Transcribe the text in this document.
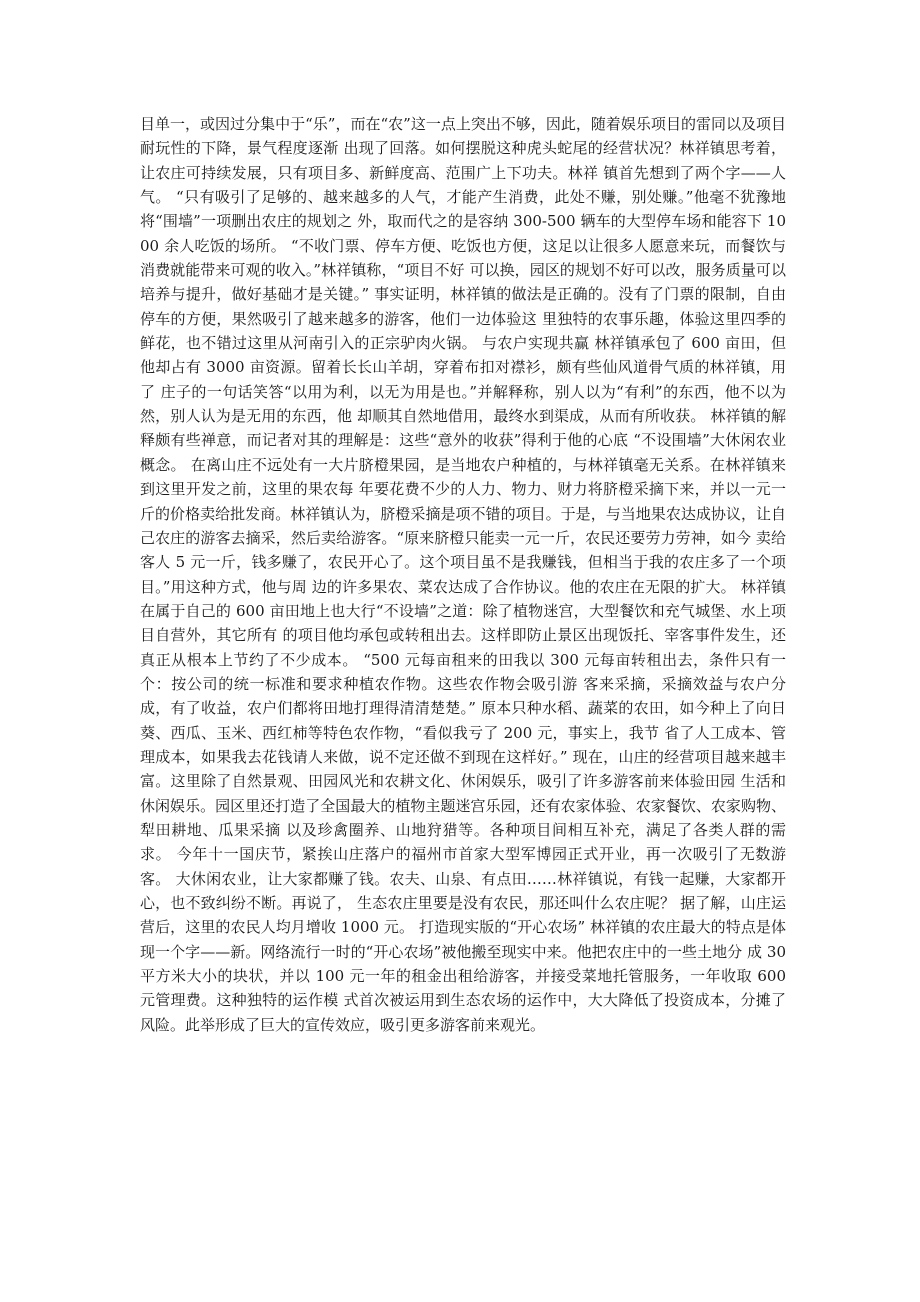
目单一，或因过分集中于“乐”，而在“农”这一点上突出不够，因此，随着娱乐项目的雷同以及项目耐玩性的下降，景气程度逐渐 出现了回落。如何摆脱这种虎头蛇尾的经营状况？林祥镇思考着，让农庄可持续发展，只有项目多、新鲜度高、范围广上下功夫。林祥 镇首先想到了两个字——人气。 “只有吸引了足够的、越来越多的人气，才能产生消费，此处不赚，别处赚。”他毫不犹豫地将“围墙”一项删出农庄的规划之 外，取而代之的是容纳 300-500 辆车的大型停车场和能容下 1000 余人吃饭的场所。 “不收门票、停车方便、吃饭也方便，这足以让很多人愿意来玩，而餐饮与消费就能带来可观的收入。”林祥镇称，“项目不好 可以换，园区的规划不好可以改，服务质量可以培养与提升，做好基础才是关键。” 事实证明，林祥镇的做法是正确的。没有了门票的限制，自由停车的方便，果然吸引了越来越多的游客，他们一边体验这 里独特的农事乐趣，体验这里四季的鲜花，也不错过这里从河南引入的正宗驴肉火锅。 与农户实现共赢 林祥镇承包了 600 亩田，但他却占有 3000 亩资源。留着长长山羊胡，穿着布扣对襟衫，颇有些仙风道骨气质的林祥镇，用了 庄子的一句话笑答“以用为利，以无为用是也。”并解释称，别人以为“有利”的东西，他不以为然，别人认为是无用的东西，他 却顺其自然地借用，最终水到渠成，从而有所收获。 林祥镇的解释颇有些禅意，而记者对其的理解是：这些“意外的收获”得利于他的心底 “不设围墙”大休闲农业概念。 在离山庄不远处有一大片脐橙果园，是当地农户种植的，与林祥镇毫无关系。在林祥镇来到这里开发之前，这里的果农每 年要花费不少的人力、物力、财力将脐橙采摘下来，并以一元一斤的价格卖给批发商。林祥镇认为，脐橙采摘是项不错的项目。于是，与当地果农达成协议，让自己农庄的游客去摘采，然后卖给游客。“原来脐橙只能卖一元一斤，农民还要劳力劳神，如今 卖给客人 5 元一斤，钱多赚了，农民开心了。这个项目虽不是我赚钱，但相当于我的农庄多了一个项目。”用这种方式，他与周 边的许多果农、菜农达成了合作协议。他的农庄在无限的扩大。 林祥镇在属于自己的 600 亩田地上也大行“不设墙”之道：除了植物迷宫，大型餐饮和充气城堡、水上项目自营外，其它所有 的项目他均承包或转租出去。这样即防止景区出现饭托、宰客事件发生，还真正从根本上节约了不少成本。 “500 元每亩租来的田我以 300 元每亩转租出去，条件只有一个：按公司的统一标准和要求种植农作物。这些农作物会吸引游 客来采摘，采摘效益与农户分成，有了收益，农户们都将田地打理得清清楚楚。” 原本只种水稻、蔬菜的农田，如今种上了向日葵、西瓜、玉米、西红柿等特色农作物，“看似我亏了 200 元，事实上，我节 省了人工成本、管理成本，如果我去花钱请人来做，说不定还做不到现在这样好。” 现在，山庄的经营项目越来越丰富。这里除了自然景观、田园风光和农耕文化、休闲娱乐，吸引了许多游客前来体验田园 生活和休闲娱乐。园区里还打造了全国最大的植物主题迷宫乐园，还有农家体验、农家餐饮、农家购物、犁田耕地、瓜果采摘 以及珍禽圈养、山地狩猎等。各种项目间相互补充，满足了各类人群的需求。 今年十一国庆节，紧挨山庄落户的福州市首家大型军博园正式开业，再一次吸引了无数游客。 大休闲农业，让大家都赚了钱。农夫、山泉、有点田……林祥镇说，有钱一起赚，大家都开心，也不致纠纷不断。再说了， 生态农庄里要是没有农民，那还叫什么农庄呢？ 据了解，山庄运营后，这里的农民人均月增收 1000 元。 打造现实版的“开心农场” 林祥镇的农庄最大的特点是体现一个字——新。网络流行一时的“开心农场”被他搬至现实中来。他把农庄中的一些土地分 成 30 平方米大小的块状，并以 100 元一年的租金出租给游客，并接受菜地托管服务，一年收取 600 元管理费。这种独特的运作模 式首次被运用到生态农场的运作中，大大降低了投资成本，分摊了风险。此举形成了巨大的宣传效应，吸引更多游客前来观光。
